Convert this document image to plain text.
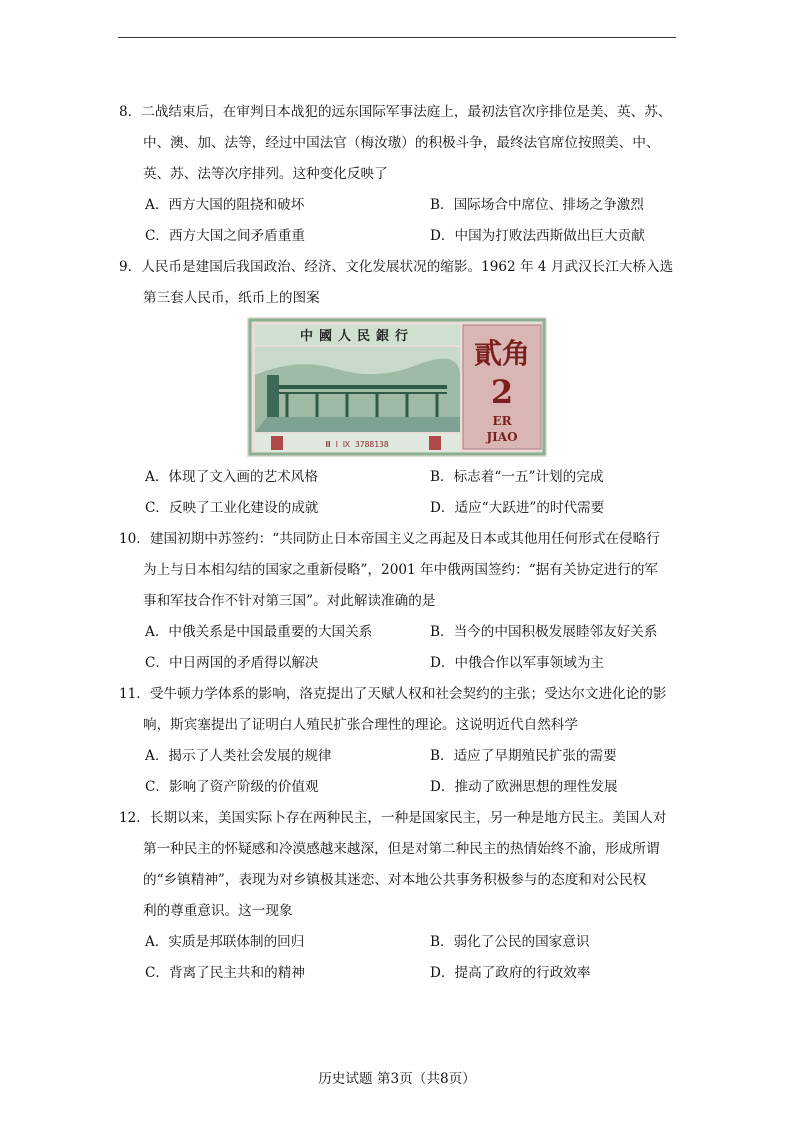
8．二战结束后，在审判日本战犯的远东国际军事法庭上，最初法官次序排位是美、英、苏、
中、澳、加、法等，经过中国法官（梅汝璈）的积极斗争，最终法官席位按照美、中、
英、苏、法等次序排列。这种变化反映了
A．西方大国的阻挠和破坏	B．国际场合中席位、排场之争激烈
C．西方大国之间矛盾重重	D．中国为打败法西斯做出巨大贡献
9．人民币是建国后我国政治、经济、文化发展状况的缩影。1962 年 4 月武汉长江大桥入选
第三套人民币，纸币上的图案
中國人民銀行
Ⅲ Ⅰ Ⅸ 3788138
貳角
2
ER
JIAO
A．体现了文入画的艺术风格	B．标志着“一五”计划的完成
C．反映了工业化建设的成就	D．适应“大跃进”的时代需要
10．建国初期中苏签约：“共同防止日本帝国主义之再起及日本或其他用任何形式在侵略行
为上与日本相勾结的国家之重新侵略”，2001 年中俄两国签约：“据有关协定进行的军
事和军技合作不针对第三国”。对此解读准确的是
A．中俄关系是中国最重要的大国关系	B．当今的中国积极发展睦邻友好关系
C．中日两国的矛盾得以解决	D．中俄合作以军事领域为主
11．受牛顿力学体系的影响，洛克提出了天赋人权和社会契约的主张；受达尔文进化论的影
响，斯宾塞提出了证明白人殖民扩张合理性的理论。这说明近代自然科学
A．揭示了人类社会发展的规律	B．适应了早期殖民扩张的需要
C．影响了资产阶级的价值观	D．推动了欧洲思想的理性发展
12．长期以来，美国实际卜存在两种民主，一种是国家民主，另一种是地方民主。美国人对
第一种民主的怀疑感和冷漠感越来越深，但是对第二种民主的热情始终不渝，形成所谓
的“乡镇精神”，表现为对乡镇极其迷恋、对本地公共事务积极参与的态度和对公民权
利的尊重意识。这一现象
A．实质是邦联体制的回归	B．弱化了公民的国家意识
C．背离了民主共和的精神	D．提高了政府的行政效率
历史试题 第3页（共8页）
